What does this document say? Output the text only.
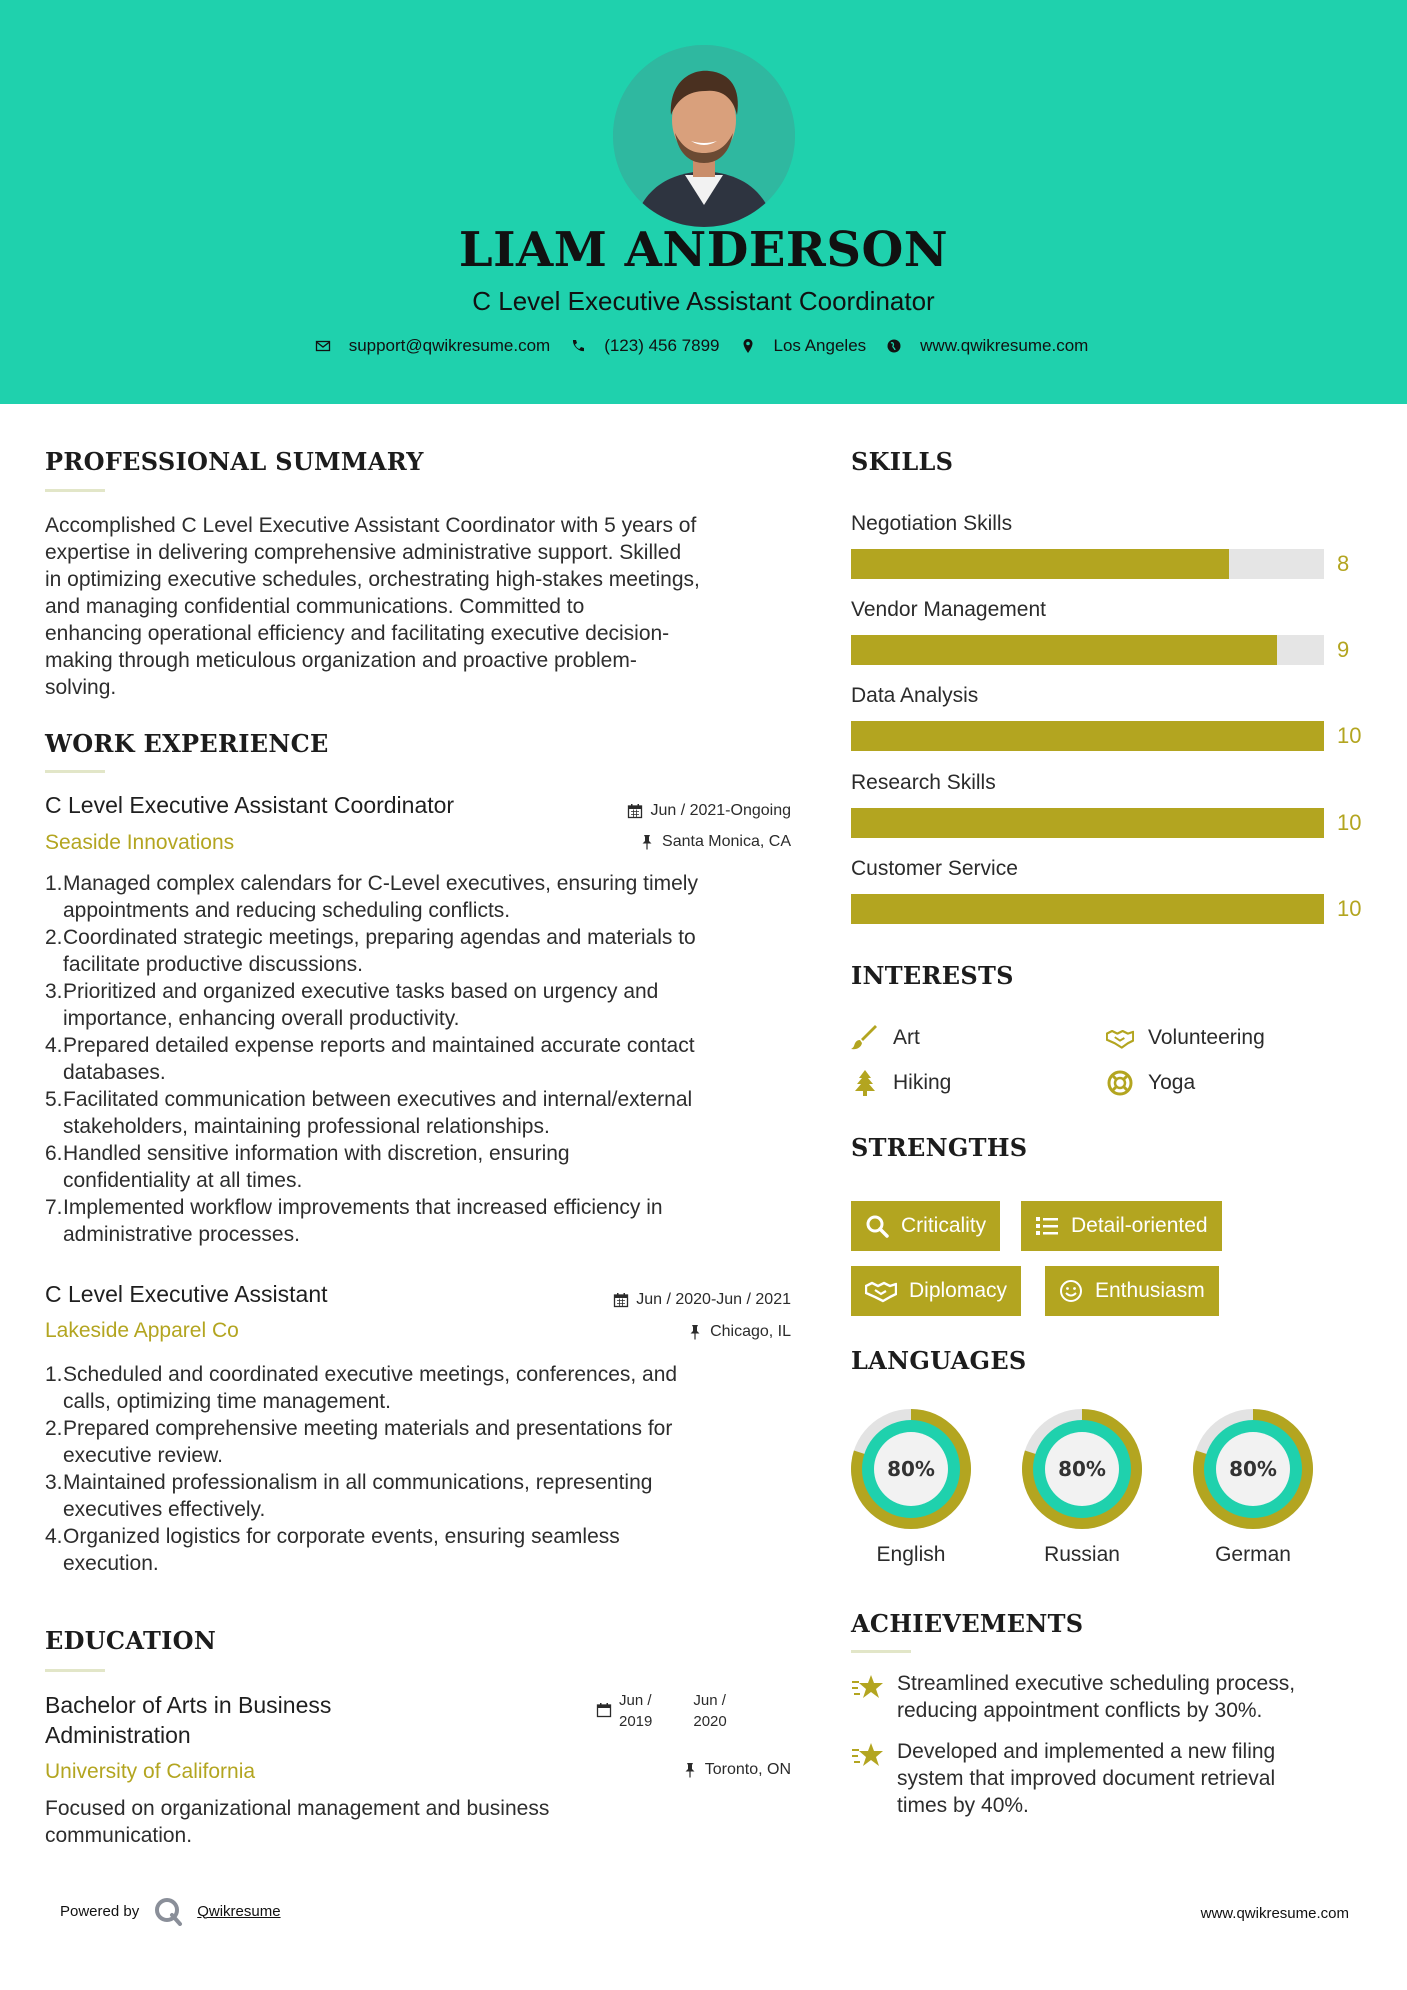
LIAM ANDERSON
C Level Executive Assistant Coordinator
support@qwikresume.com	(123) 456 7899	Los Angeles	www.qwikresume.com
PROFESSIONAL SUMMARY
Accomplished C Level Executive Assistant Coordinator with 5 years of
expertise in delivering comprehensive administrative support. Skilled
in optimizing executive schedules, orchestrating high-stakes meetings,
and managing confidential communications. Committed to
enhancing operational efficiency and facilitating executive decision-
making through meticulous organization and proactive problem-
solving.
WORK EXPERIENCE
C Level Executive Assistant Coordinator
Seaside Innovations
Jun / 2021-Ongoing
Santa Monica, CA
1. Managed complex calendars for C-Level executives, ensuring timely
appointments and reducing scheduling conflicts.
2. Coordinated strategic meetings, preparing agendas and materials to
facilitate productive discussions.
3. Prioritized and organized executive tasks based on urgency and
importance, enhancing overall productivity.
4. Prepared detailed expense reports and maintained accurate contact
databases.
5. Facilitated communication between executives and internal/external
stakeholders, maintaining professional relationships.
6. Handled sensitive information with discretion, ensuring
confidentiality at all times.
7. Implemented workflow improvements that increased efficiency in
administrative processes.
C Level Executive Assistant
Lakeside Apparel Co
Jun / 2020-Jun / 2021
Chicago, IL
1. Scheduled and coordinated executive meetings, conferences, and
calls, optimizing time management.
2. Prepared comprehensive meeting materials and presentations for
executive review.
3. Maintained professionalism in all communications, representing
executives effectively.
4. Organized logistics for corporate events, ensuring seamless
execution.
EDUCATION
Bachelor of Arts in Business
Administration
Jun /
2019
Jun /
2020
University of California	Toronto, ON
Focused on organizational management and business
communication.
SKILLS
Negotiation Skills
8
Vendor Management
9
Data Analysis
10
Research Skills
10
Customer Service
10
INTERESTS
Art	Volunteering
Hiking	Yoga
STRENGTHS
Criticality	Detail-oriented
Diplomacy	Enthusiasm
LANGUAGES
80%
English
80%
Russian
80%
German
ACHIEVEMENTS
Streamlined executive scheduling process,
reducing appointment conflicts by 30%.
Developed and implemented a new filing
system that improved document retrieval
times by 40%.
Powered by	Qwikresume	www.qwikresume.com
